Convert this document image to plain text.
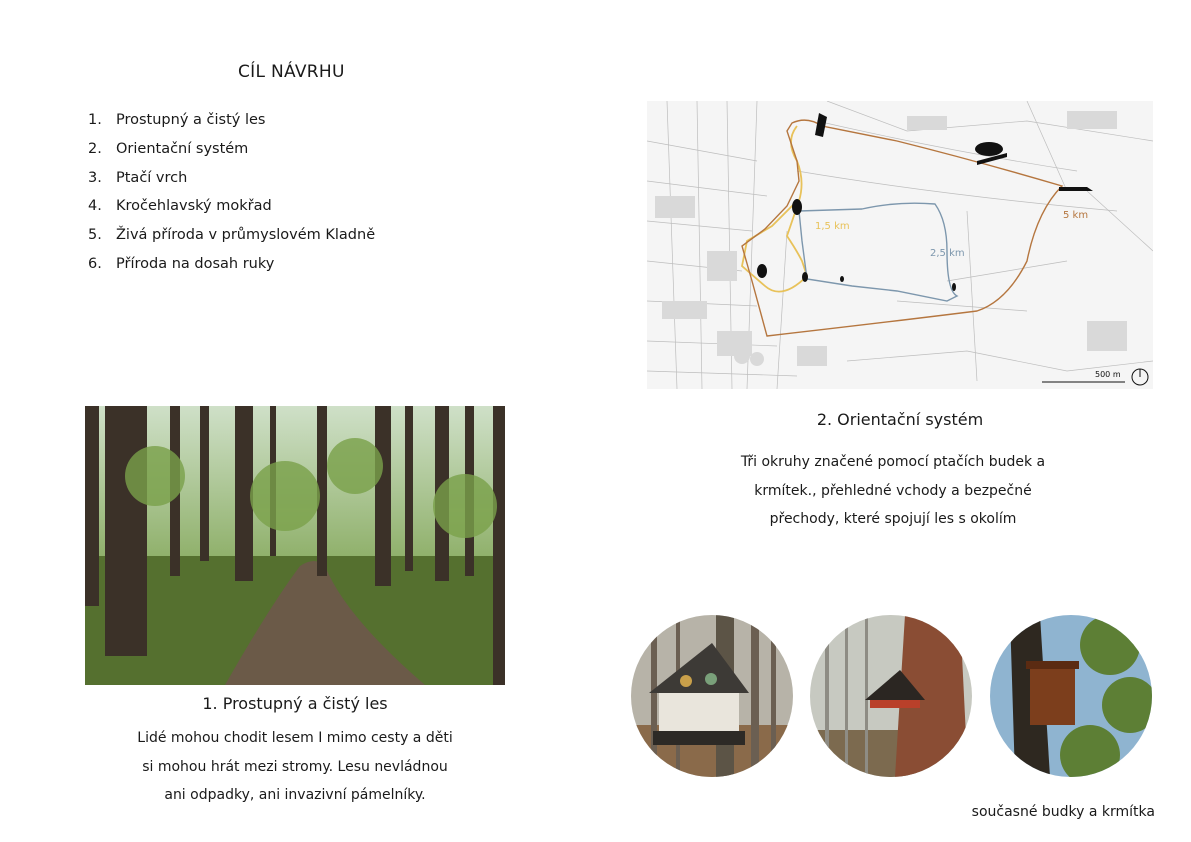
CÍL NÁVRHU
1. Prostupný a čistý les
2. Orientační systém
3. Ptačí vrch
4. Kročehlavský mokřad
5. Živá příroda v průmyslovém Kladně
6. Příroda na dosah ruky
1,5 km
2,5 km
5 km
500 m
2. Orientační systém
Tři okruhy značené pomocí ptačích budek a
krmítek., přehledné vchody a bezpečné
přechody, které spojují les s okolím
1. Prostupný a čistý les
Lidé mohou chodit lesem I mimo cesty a děti
si mohou hrát mezi stromy. Lesu nevládnou
ani odpadky, ani invazivní pámelníky.
současné budky a krmítka
